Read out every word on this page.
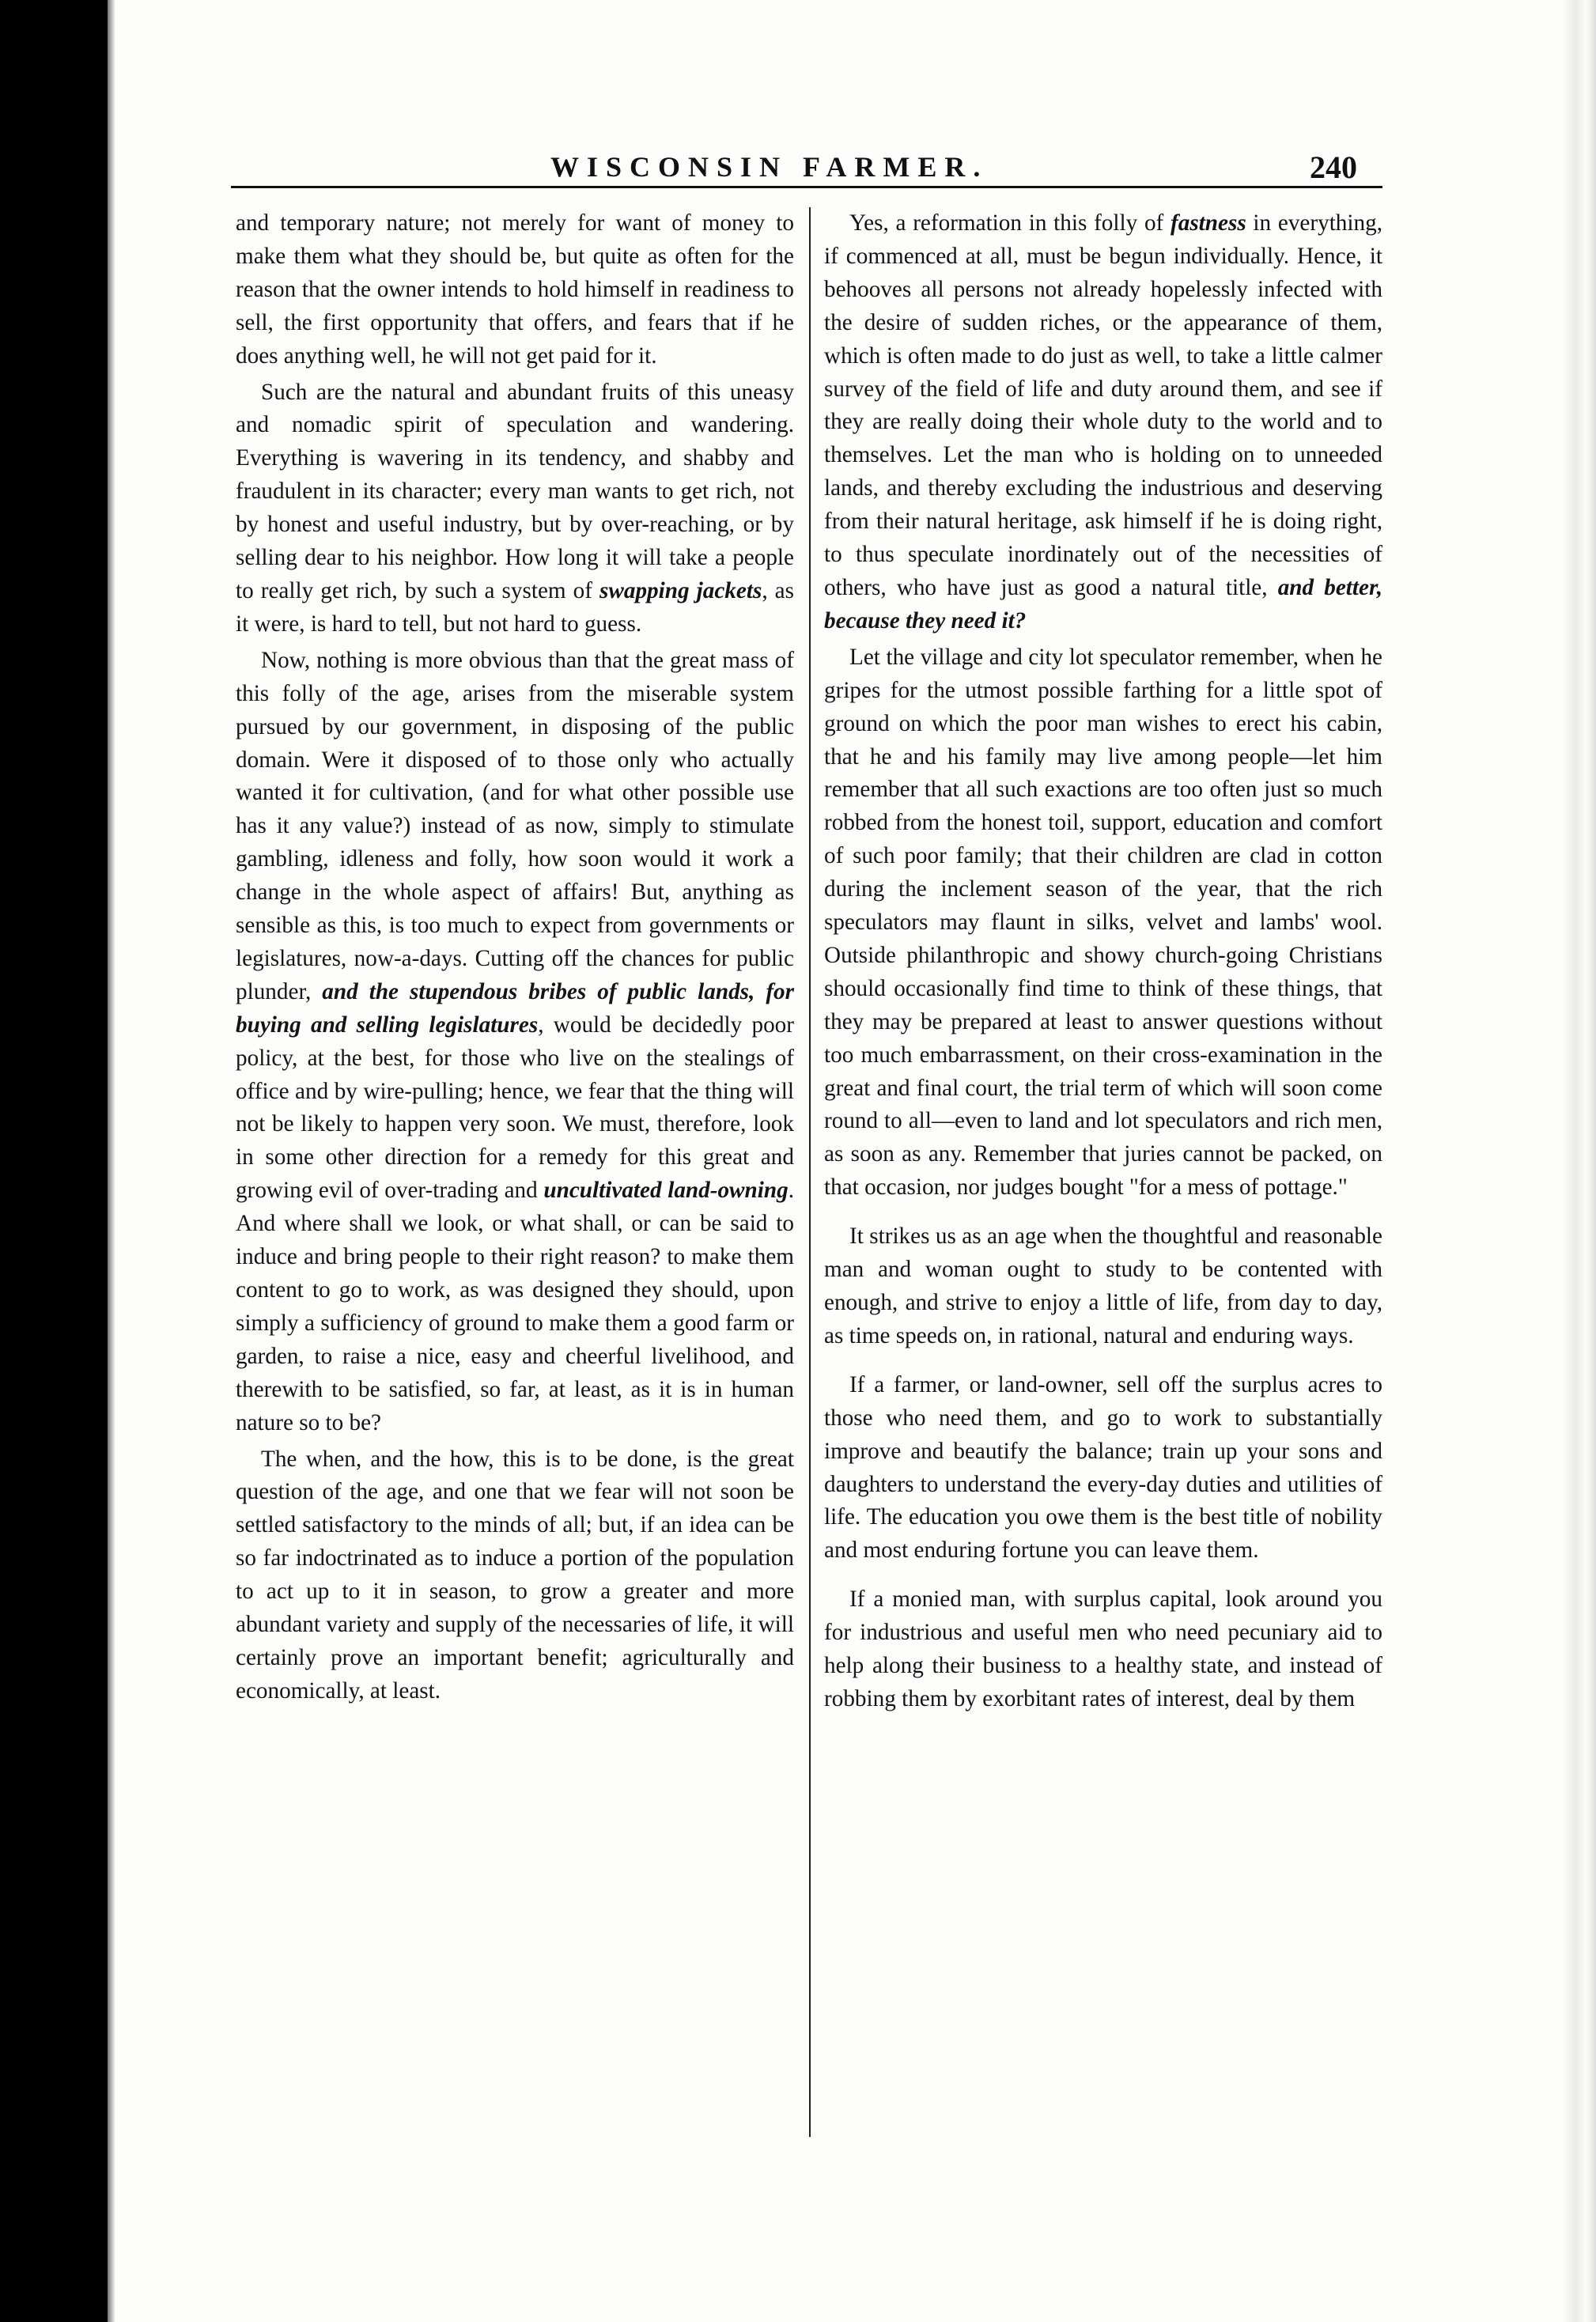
WISCONSIN FARMER.	240

and temporary nature; not merely for want of money to make them what they should be, but quite as often for the reason that the owner intends to hold himself in readiness to sell, the first opportunity that offers, and fears that if he does anything well, he will not get paid for it.

Such are the natural and abundant fruits of this uneasy and nomadic spirit of speculation and wandering. Everything is wavering in its tendency, and shabby and fraudulent in its character; every man wants to get rich, not by honest and useful industry, but by over-reaching, or by selling dear to his neighbor. How long it will take a people to really get rich, by such a system of swapping jackets, as it were, is hard to tell, but not hard to guess.

Now, nothing is more obvious than that the great mass of this folly of the age, arises from the miserable system pursued by our government, in disposing of the public domain. Were it disposed of to those only who actually wanted it for cultivation, (and for what other possible use has it any value?) instead of as now, simply to stimulate gambling, idleness and folly, how soon would it work a change in the whole aspect of affairs! But, anything as sensible as this, is too much to expect from governments or legislatures, now-a-days. Cutting off the chances for public plunder, and the stupendous bribes of public lands, for buying and selling legislatures, would be decidedly poor policy, at the best, for those who live on the stealings of office and by wire-pulling; hence, we fear that the thing will not be likely to happen very soon. We must, therefore, look in some other direction for a remedy for this great and growing evil of over-trading and uncultivated land-owning. And where shall we look, or what shall, or can be said to induce and bring people to their right reason? to make them content to go to work, as was designed they should, upon simply a sufficiency of ground to make them a good farm or garden, to raise a nice, easy and cheerful livelihood, and therewith to be satisfied, so far, at least, as it is in human nature so to be?

The when, and the how, this is to be done, is the great question of the age, and one that we fear will not soon be settled satisfactory to the minds of all; but, if an idea can be so far indoctrinated as to induce a portion of the population to act up to it in season, to grow a greater and more abundant variety and supply of the necessaries of life, it will certainly prove an important benefit; agriculturally and economically, at least.

Yes, a reformation in this folly of fastness in everything, if commenced at all, must be begun individually. Hence, it behooves all persons not already hopelessly infected with the desire of sudden riches, or the appearance of them, which is often made to do just as well, to take a little calmer survey of the field of life and duty around them, and see if they are really doing their whole duty to the world and to themselves. Let the man who is holding on to unneeded lands, and thereby excluding the industrious and deserving from their natural heritage, ask himself if he is doing right, to thus speculate inordinately out of the necessities of others, who have just as good a natural title, and better, because they need it?

Let the village and city lot speculator remember, when he gripes for the utmost possible farthing for a little spot of ground on which the poor man wishes to erect his cabin, that he and his family may live among people—let him remember that all such exactions are too often just so much robbed from the honest toil, support, education and comfort of such poor family; that their children are clad in cotton during the inclement season of the year, that the rich speculators may flaunt in silks, velvet and lambs' wool. Outside philanthropic and showy church-going Christians should occasionally find time to think of these things, that they may be prepared at least to answer questions without too much embarrassment, on their cross-examination in the great and final court, the trial term of which will soon come round to all—even to land and lot speculators and rich men, as soon as any. Remember that juries cannot be packed, on that occasion, nor judges bought "for a mess of pottage."

It strikes us as an age when the thoughtful and reasonable man and woman ought to study to be contented with enough, and strive to enjoy a little of life, from day to day, as time speeds on, in rational, natural and enduring ways.

If a farmer, or land-owner, sell off the surplus acres to those who need them, and go to work to substantially improve and beautify the balance; train up your sons and daughters to understand the every-day duties and utilities of life. The education you owe them is the best title of nobility and most enduring fortune you can leave them.

If a monied man, with surplus capital, look around you for industrious and useful men who need pecuniary aid to help along their business to a healthy state, and instead of robbing them by exorbitant rates of interest, deal by them
